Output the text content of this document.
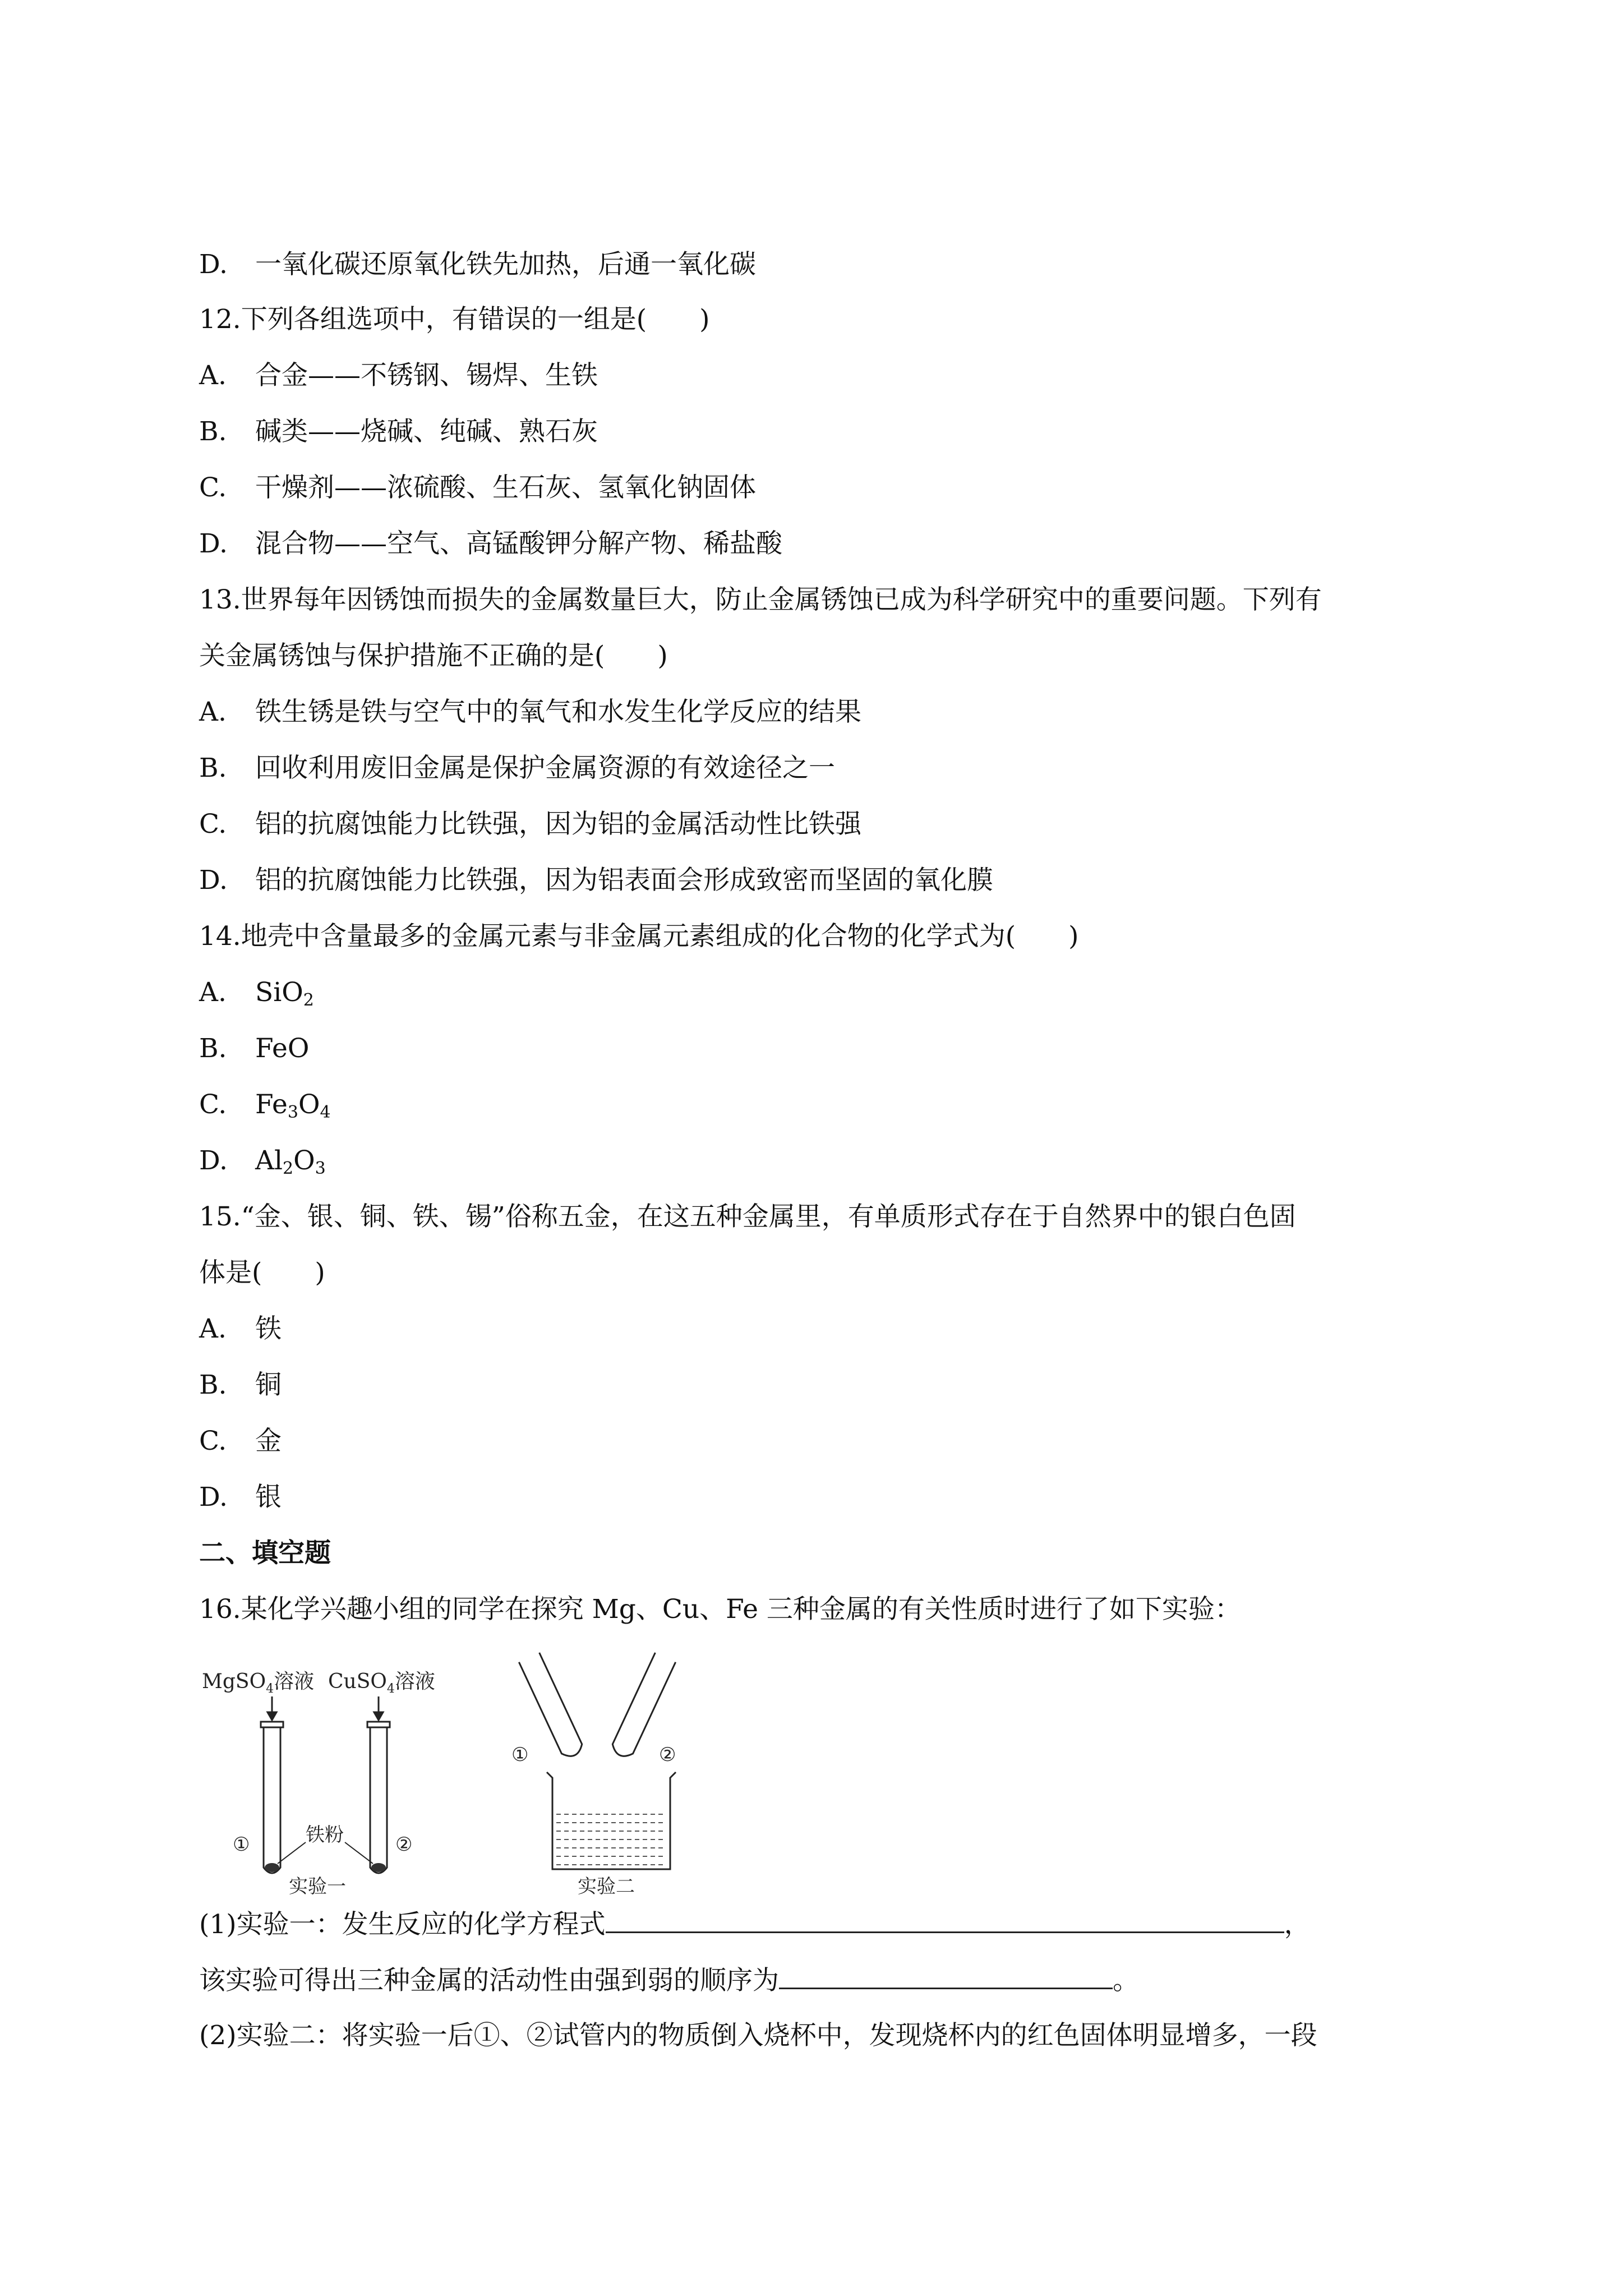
D. 一氧化碳还原氧化铁先加热，后通一氧化碳
12.下列各组选项中，有错误的一组是(　　)
A. 合金——不锈钢、锡焊、生铁
B. 碱类——烧碱、纯碱、熟石灰
C. 干燥剂——浓硫酸、生石灰、氢氧化钠固体
D. 混合物——空气、高锰酸钾分解产物、稀盐酸
13.世界每年因锈蚀而损失的金属数量巨大，防止金属锈蚀已成为科学研究中的重要问题。下列有
关金属锈蚀与保护措施不正确的是(　　)
A. 铁生锈是铁与空气中的氧气和水发生化学反应的结果
B. 回收利用废旧金属是保护金属资源的有效途径之一
C. 铝的抗腐蚀能力比铁强，因为铝的金属活动性比铁强
D. 铝的抗腐蚀能力比铁强，因为铝表面会形成致密而坚固的氧化膜
14.地壳中含量最多的金属元素与非金属元素组成的化合物的化学式为(　　)
A. SiO$_2$
B. FeO
C. $Fe_3O_4$
D. $Al_2O_3$
15.“金、银、铜、铁、锡”俗称五金，在这五种金属里，有单质形式存在于自然界中的银白色固
体是(　　)
A. 铁
B. 铜
C. 金
D. 银
二、填空题
16.某化学兴趣小组的同学在探究 Mg、Cu、Fe 三种金属的有关性质时进行了如下实验：
MgSO$_4$溶液 CuSO$_4$溶液
①	②
铁粉
实验一
①	②
实验二
(1)实验一：发生反应的化学方程式	，
该实验可得出三种金属的活动性由强到弱的顺序为	。
(2)实验二：将实验一后①、②试管内的物质倒入烧杯中，发现烧杯内的红色固体明显增多，一段
